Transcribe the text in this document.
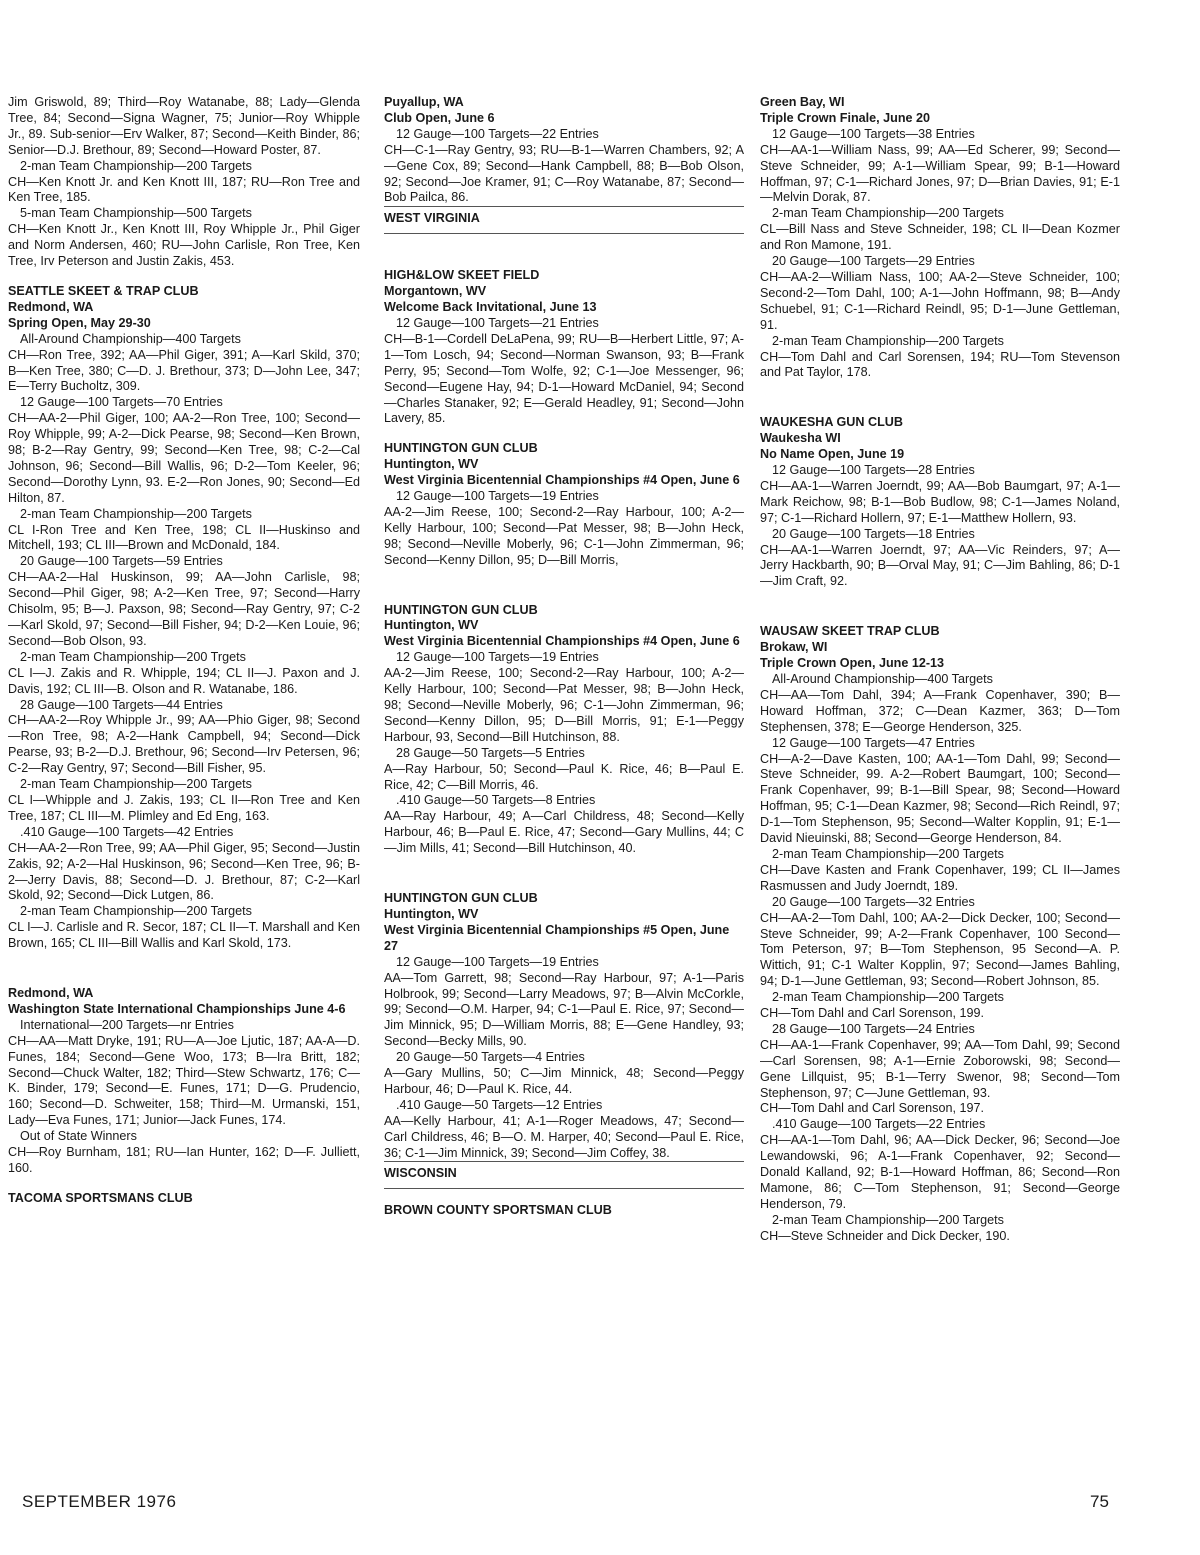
Jim Griswold, 89; Third—Roy Watanabe, 88; Lady—Glenda Tree, 84; Second—Signa Wagner, 75; Junior—Roy Whipple Jr., 89. Sub-senior—Erv Walker, 87; Second—Keith Binder, 86; Senior—D.J. Brethour, 89; Second—Howard Poster, 87.

2-man Team Championship—200 Targets

CH—Ken Knott Jr. and Ken Knott III, 187; RU—Ron Tree and Ken Tree, 185.

5-man Team Championship—500 Targets

CH—Ken Knott Jr., Ken Knott III, Roy Whipple Jr., Phil Giger and Norm Andersen, 460; RU—John Carlisle, Ron Tree, Ken Tree, Irv Peterson and Justin Zakis, 453.

SEATTLE SKEET & TRAP CLUB

Redmond, WA

Spring Open, May 29-30

All-Around Championship—400 Targets

CH—Ron Tree, 392; AA—Phil Giger, 391; A—Karl Skild, 370; B—Ken Tree, 380; C—D. J. Brethour, 373; D—John Lee, 347; E—Terry Bucholtz, 309.

12 Gauge—100 Targets—70 Entries

CH—AA-2—Phil Giger, 100; AA-2—Ron Tree, 100; Second—Roy Whipple, 99; A-2—Dick Pearse, 98; Second—Ken Brown, 98; B-2—Ray Gentry, 99; Second—Ken Tree, 98; C-2—Cal Johnson, 96; Second—Bill Wallis, 96; D-2—Tom Keeler, 96; Second—Dorothy Lynn, 93. E-2—Ron Jones, 90; Second—Ed Hilton, 87.

2-man Team Championship—200 Targets

CL I-Ron Tree and Ken Tree, 198; CL II—Huskinso and Mitchell, 193; CL III—Brown and McDonald, 184.

20 Gauge—100 Targets—59 Entries

CH—AA-2—Hal Huskinson, 99; AA—John Carlisle, 98; Second—Phil Giger, 98; A-2—Ken Tree, 97; Second—Harry Chisolm, 95; B—J. Paxson, 98; Second—Ray Gentry, 97; C-2—Karl Skold, 97; Second—Bill Fisher, 94; D-2—Ken Louie, 96; Second—Bob Olson, 93.

2-man Team Championship—200 Trgets

CL I—J. Zakis and R. Whipple, 194; CL II—J. Paxon and J. Davis, 192; CL III—B. Olson and R. Watanabe, 186.

28 Gauge—100 Targets—44 Entries

CH—AA-2—Roy Whipple Jr., 99; AA—Phio Giger, 98; Second—Ron Tree, 98; A-2—Hank Campbell, 94; Second—Dick Pearse, 93; B-2—D.J. Brethour, 96; Second—Irv Petersen, 96; C-2—Ray Gentry, 97; Second—Bill Fisher, 95.

2-man Team Championship—200 Targets

CL I—Whipple and J. Zakis, 193; CL II—Ron Tree and Ken Tree, 187; CL III—M. Plimley and Ed Eng, 163.

.410 Gauge—100 Targets—42 Entries

CH—AA-2—Ron Tree, 99; AA—Phil Giger, 95; Second—Justin Zakis, 92; A-2—Hal Huskinson, 96; Second—Ken Tree, 96; B-2—Jerry Davis, 88; Second—D. J. Brethour, 87; C-2—Karl Skold, 92; Second—Dick Lutgen, 86.

2-man Team Championship—200 Targets

CL I—J. Carlisle and R. Secor, 187; CL II—T. Marshall and Ken Brown, 165; CL III—Bill Wallis and Karl Skold, 173.

Redmond, WA

Washington State International Championships June 4-6

International—200 Targets—nr Entries

CH—AA—Matt Dryke, 191; RU—A—Joe Ljutic, 187; AA-A—D. Funes, 184; Second—Gene Woo, 173; B—Ira Britt, 182; Second—Chuck Walter, 182; Third—Stew Schwartz, 176; C—K. Binder, 179; Second—E. Funes, 171; D—G. Prudencio, 160; Second—D. Schweiter, 158; Third—M. Urmanski, 151, Lady—Eva Funes, 171; Junior—Jack Funes, 174.

Out of State Winners

CH—Roy Burnham, 181; RU—Ian Hunter, 162; D—F. Julliett, 160.

TACOMA SPORTSMANS CLUB

Puyallup, WA

Club Open, June 6

12 Gauge—100 Targets—22 Entries

CH—C-1—Ray Gentry, 93; RU—B-1—Warren Chambers, 92; A—Gene Cox, 89; Second—Hank Campbell, 88; B—Bob Olson, 92; Second—Joe Kramer, 91; C—Roy Watanabe, 87; Second—Bob Pailca, 86.

WEST VIRGINIA

HIGH&LOW SKEET FIELD

Morgantown, WV

Welcome Back Invitational, June 13

12 Gauge—100 Targets—21 Entries

CH—B-1—Cordell DeLaPena, 99; RU—B—Herbert Little, 97; A-1—Tom Losch, 94; Second—Norman Swanson, 93; B—Frank Perry, 95; Second—Tom Wolfe, 92; C-1—Joe Messenger, 96; Second—Eugene Hay, 94; D-1—Howard McDaniel, 94; Second—Charles Stanaker, 92; E—Gerald Headley, 91; Second—John Lavery, 85.

HUNTINGTON GUN CLUB

Huntington, WV

West Virginia Bicentennial Championships #4 Open, June 6

12 Gauge—100 Targets—19 Entries

AA-2—Jim Reese, 100; Second-2—Ray Harbour, 100; A-2—Kelly Harbour, 100; Second—Pat Messer, 98; B—John Heck, 98; Second—Neville Moberly, 96; C-1—John Zimmerman, 96; Second—Kenny Dillon, 95; D—Bill Morris,

HUNTINGTON GUN CLUB

Huntington, WV

West Virginia Bicentennial Championships #4 Open, June 6

12 Gauge—100 Targets—19 Entries

AA-2—Jim Reese, 100; Second-2—Ray Harbour, 100; A-2—Kelly Harbour, 100; Second—Pat Messer, 98; B—John Heck, 98; Second—Neville Moberly, 96; C-1—John Zimmerman, 96; Second—Kenny Dillon, 95; D—Bill Morris, 91; E-1—Peggy Harbour, 93, Second—Bill Hutchinson, 88.

28 Gauge—50 Targets—5 Entries

A—Ray Harbour, 50; Second—Paul K. Rice, 46; B—Paul E. Rice, 42; C—Bill Morris, 46.

.410 Gauge—50 Targets—8 Entries

AA—Ray Harbour, 49; A—Carl Childress, 48; Second—Kelly Harbour, 46; B—Paul E. Rice, 47; Second—Gary Mullins, 44; C—Jim Mills, 41; Second—Bill Hutchinson, 40.

HUNTINGTON GUN CLUB

Huntington, WV

West Virginia Bicentennial Championships #5 Open, June 27

12 Gauge—100 Targets—19 Entries

AA—Tom Garrett, 98; Second—Ray Harbour, 97; A-1—Paris Holbrook, 99; Second—Larry Meadows, 97; B—Alvin McCorkle, 99; Second—O.M. Harper, 94; C-1—Paul E. Rice, 97; Second—Jim Minnick, 95; D—William Morris, 88; E—Gene Handley, 93; Second—Becky Mills, 90.

20 Gauge—50 Targets—4 Entries

A—Gary Mullins, 50; C—Jim Minnick, 48; Second—Peggy Harbour, 46; D—Paul K. Rice, 44.

.410 Gauge—50 Targets—12 Entries

AA—Kelly Harbour, 41; A-1—Roger Meadows, 47; Second—Carl Childress, 46; B—O. M. Harper, 40; Second—Paul E. Rice, 36; C-1—Jim Minnick, 39; Second—Jim Coffey, 38.

WISCONSIN

BROWN COUNTY SPORTSMAN CLUB

Green Bay, WI

Triple Crown Finale, June 20

12 Gauge—100 Targets—38 Entries

CH—AA-1—William Nass, 99; AA—Ed Scherer, 99; Second—Steve Schneider, 99; A-1—William Spear, 99; B-1—Howard Hoffman, 97; C-1—Richard Jones, 97; D—Brian Davies, 91; E-1—Melvin Dorak, 87.

2-man Team Championship—200 Targets

CL—Bill Nass and Steve Schneider, 198; CL II—Dean Kozmer and Ron Mamone, 191.

20 Gauge—100 Targets—29 Entries

CH—AA-2—William Nass, 100; AA-2—Steve Schneider, 100; Second-2—Tom Dahl, 100; A-1—John Hoffmann, 98; B—Andy Schuebel, 91; C-1—Richard Reindl, 95; D-1—June Gettleman, 91.

2-man Team Championship—200 Targets

CH—Tom Dahl and Carl Sorensen, 194; RU—Tom Stevenson and Pat Taylor, 178.

WAUKESHA GUN CLUB

Waukesha WI

No Name Open, June 19

12 Gauge—100 Targets—28 Entries

CH—AA-1—Warren Joerndt, 99; AA—Bob Baumgart, 97; A-1—Mark Reichow, 98; B-1—Bob Budlow, 98; C-1—James Noland, 97; C-1—Richard Hollern, 97; E-1—Matthew Hollern, 93.

20 Gauge—100 Targets—18 Entries

CH—AA-1—Warren Joerndt, 97; AA—Vic Reinders, 97; A—Jerry Hackbarth, 90; B—Orval May, 91; C—Jim Bahling, 86; D-1—Jim Craft, 92.

WAUSAW SKEET TRAP CLUB

Brokaw, WI

Triple Crown Open, June 12-13

All-Around Championship—400 Targets

CH—AA—Tom Dahl, 394; A—Frank Copenhaver, 390; B—Howard Hoffman, 372; C—Dean Kazmer, 363; D—Tom Stephensen, 378; E—George Henderson, 325.

12 Gauge—100 Targets—47 Entries

CH—A-2—Dave Kasten, 100; AA-1—Tom Dahl, 99; Second—Steve Schneider, 99. A-2—Robert Baumgart, 100; Second—Frank Copenhaver, 99; B-1—Bill Spear, 98; Second—Howard Hoffman, 95; C-1—Dean Kazmer, 98; Second—Rich Reindl, 97; D-1—Tom Stephenson, 95; Second—Walter Kopplin, 91; E-1—David Nieuinski, 88; Second—George Henderson, 84.

2-man Team Championship—200 Targets

CH—Dave Kasten and Frank Copenhaver, 199; CL II—James Rasmussen and Judy Joerndt, 189.

20 Gauge—100 Targets—32 Entries

CH—AA-2—Tom Dahl, 100; AA-2—Dick Decker, 100; Second—Steve Schneider, 99; A-2—Frank Copenhaver, 100 Second—Tom Peterson, 97; B—Tom Stephenson, 95 Second—A. P. Wittich, 91; C-1 Walter Kopplin, 97; Second—James Bahling, 94; D-1—June Gettleman, 93; Second—Robert Johnson, 85.

2-man Team Championship—200 Targets

CH—Tom Dahl and Carl Sorenson, 199.

28 Gauge—100 Targets—24 Entries

CH—AA-1—Frank Copenhaver, 99; AA—Tom Dahl, 99; Second—Carl Sorensen, 98; A-1—Ernie Zoborowski, 98; Second—Gene Lillquist, 95; B-1—Terry Swenor, 98; Second—Tom Stephenson, 97; C—June Gettleman, 93.

CH—Tom Dahl and Carl Sorenson, 197.

.410 Gauge—100 Targets—22 Entries

CH—AA-1—Tom Dahl, 96; AA—Dick Decker, 96; Second—Joe Lewandowski, 96; A-1—Frank Copenhaver, 92; Second—Donald Kalland, 92; B-1—Howard Hoffman, 86; Second—Ron Mamone, 86; C—Tom Stephenson, 91; Second—George Henderson, 79.

2-man Team Championship—200 Targets

CH—Steve Schneider and Dick Decker, 190.

SEPTEMBER 1976	75
